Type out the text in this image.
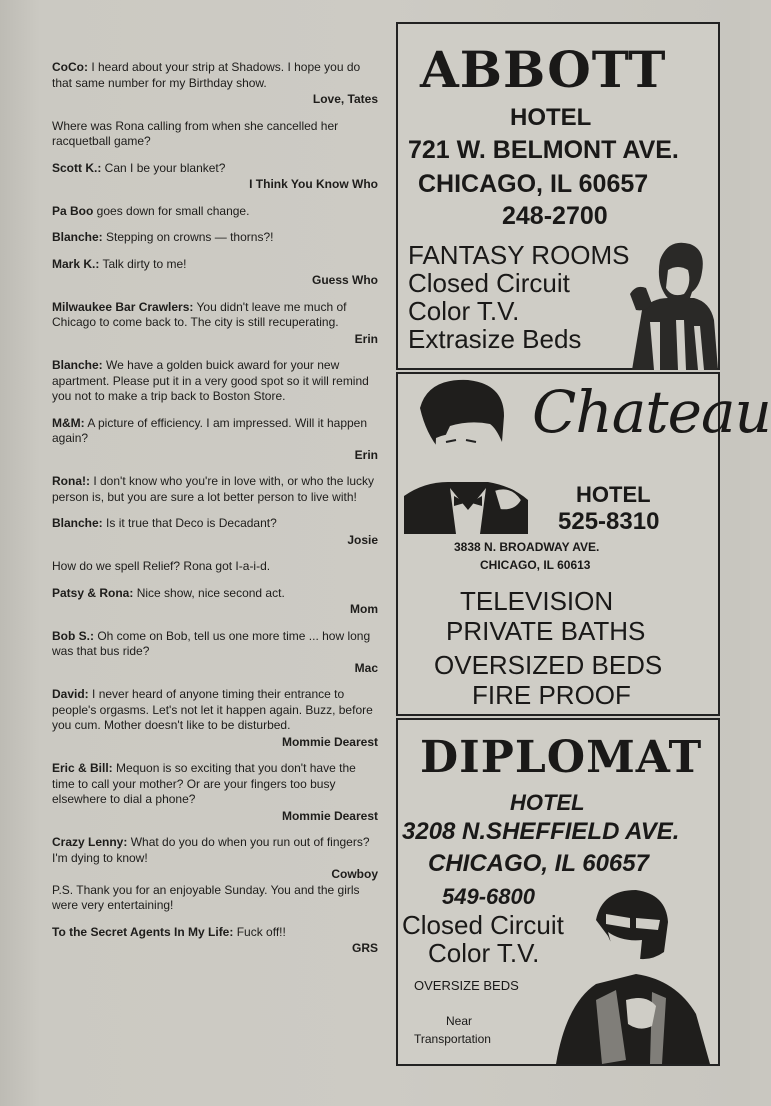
CoCo: I heard about your strip at Shadows. I hope you do that same number for my Birthday show.

Love, Tates

Where was Rona calling from when she cancelled her racquetball game?

Scott K.: Can I be your blanket?

I Think You Know Who

Pa Boo goes down for small change.

Blanche: Stepping on crowns — thorns?!

Mark K.: Talk dirty to me!

Guess Who

Milwaukee Bar Crawlers: You didn't leave me much of Chicago to come back to. The city is still recuperating.

Erin

Blanche: We have a golden buick award for your new apartment. Please put it in a very good spot so it will remind you not to make a trip back to Boston Store.

M&M: A picture of efficiency. I am impressed. Will it happen again?

Erin

Rona!: I don't know who you're in love with, or who the lucky person is, but you are sure a lot better person to live with!

Blanche: Is it true that Deco is Decadant?

Josie

How do we spell Relief? Rona got I-a-i-d.

Patsy & Rona: Nice show, nice second act.

Mom

Bob S.: Oh come on Bob, tell us one more time ... how long was that bus ride?

Mac

David: I never heard of anyone timing their entrance to people's orgasms. Let's not let it happen again. Buzz, before you cum. Mother doesn't like to be disturbed.

Mommie Dearest

Eric & Bill: Mequon is so exciting that you don't have the time to call your mother? Or are your fingers too busy elsewhere to dial a phone?

Mommie Dearest

Crazy Lenny: What do you do when you run out of fingers? I'm dying to know!

Cowboy

P.S. Thank you for an enjoyable Sunday. You and the girls were very entertaining!

To the Secret Agents In My Life: Fuck off!!

GRS
ABBOTT
HOTEL
721 W. BELMONT AVE.
CHICAGO, IL 60657
248-2700
FANTASY ROOMS
Closed Circuit
Color T.V.
Extrasize Beds
Chateau
HOTEL
525-8310
3838 N. BROADWAY AVE.
CHICAGO, IL 60613
TELEVISION
PRIVATE BATHS
OVERSIZED BEDS
FIRE PROOF
DIPLOMAT
HOTEL
3208 N.SHEFFIELD AVE.
CHICAGO, IL 60657
549-6800
Closed Circuit
Color T.V.
OVERSIZE BEDS
Near
Transportation
